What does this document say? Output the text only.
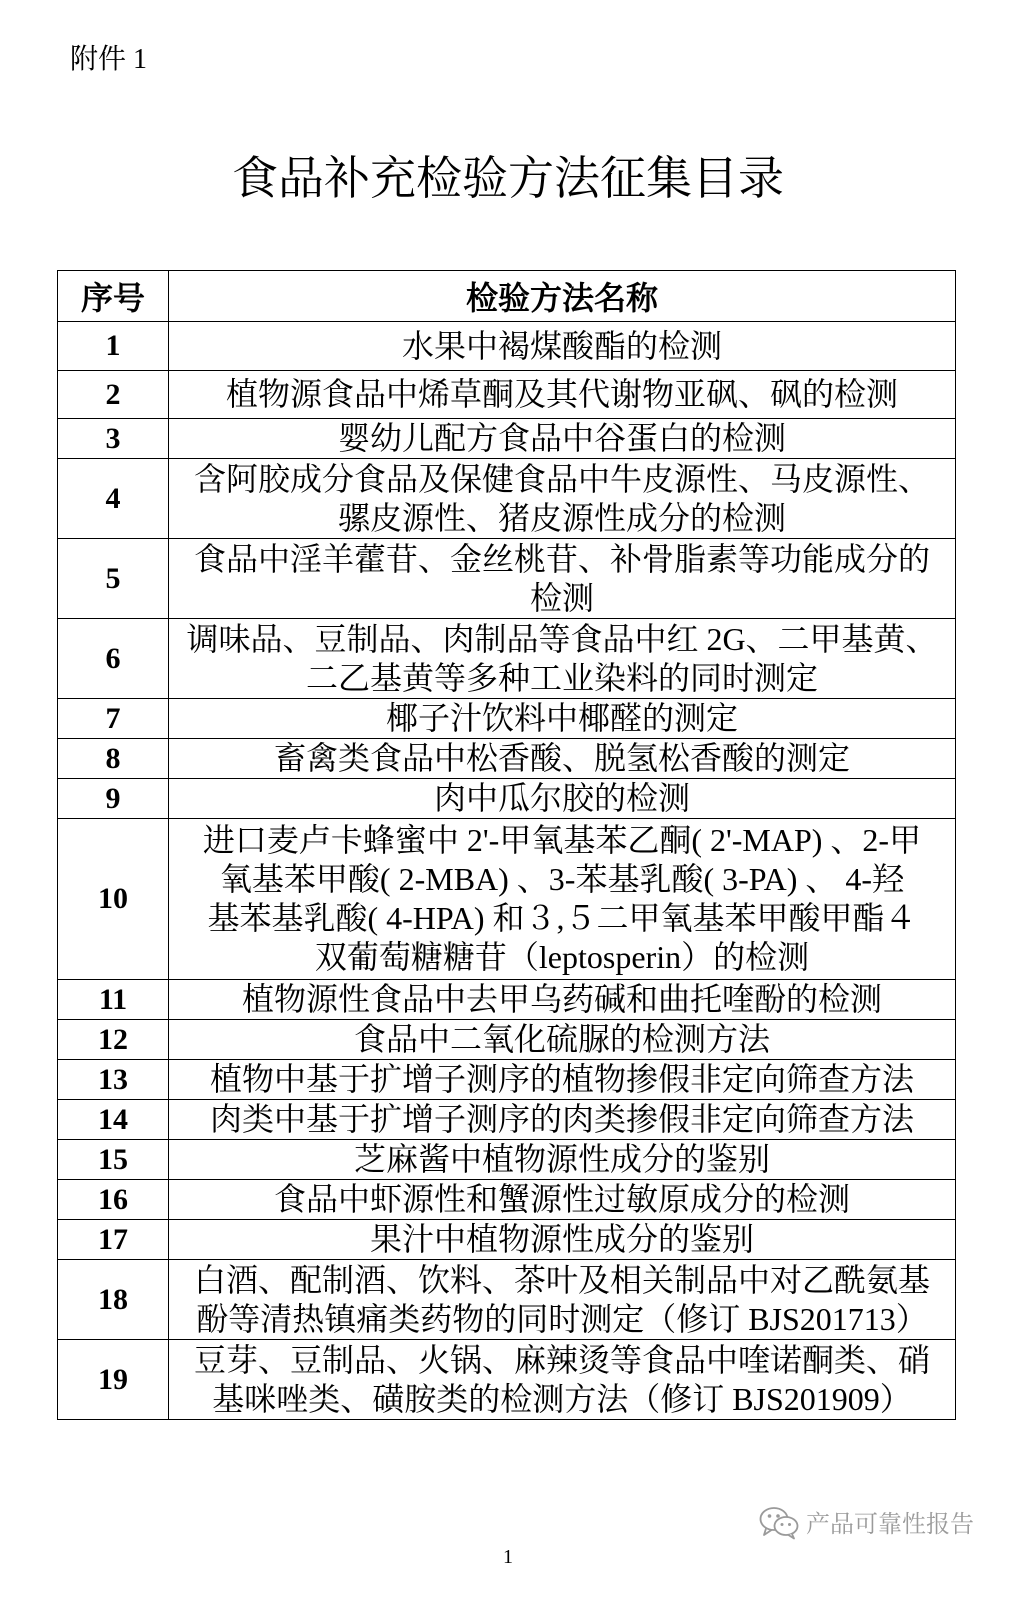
附件 1
食品补充检验方法征集目录
序号	检验方法名称
1	水果中褐煤酸酯的检测

2	植物源食品中烯草酮及其代谢物亚砜、砜的检测

3	婴幼儿配方食品中谷蛋白的检测

4	含阿胶成分食品及保健食品中牛皮源性、马皮源性、
骡皮源性、猪皮源性成分的检测

5	食品中淫羊藿苷、金丝桃苷、补骨脂素等功能成分的
检测

6	调味品、豆制品、肉制品等食品中红 2G、二甲基黄、
二乙基黄等多种工业染料的同时测定

7	椰子汁饮料中椰醛的测定

8	畜禽类食品中松香酸、脱氢松香酸的测定

9	肉中瓜尔胶的检测

10	进口麦卢卡蜂蜜中 2'-甲氧基苯乙酮( 2'-MAP) 、2-甲
氧基苯甲酸( 2-MBA) 、3-苯基乳酸( 3-PA) 、 4-羟
基苯基乳酸( 4-HPA) 和３,５二甲氧基苯甲酸甲酯４
双葡萄糖糖苷（leptosperin）的检测

11	植物源性食品中去甲乌药碱和曲托喹酚的检测

12	食品中二氧化硫脲的检测方法

13	植物中基于扩增子测序的植物掺假非定向筛查方法

14	肉类中基于扩增子测序的肉类掺假非定向筛查方法

15	芝麻酱中植物源性成分的鉴别

16	食品中虾源性和蟹源性过敏原成分的检测

17	果汁中植物源性成分的鉴别

18	白酒、配制酒、饮料、茶叶及相关制品中对乙酰氨基
酚等清热镇痛类药物的同时测定（修订 BJS201713）

19	豆芽、豆制品、火锅、麻辣烫等食品中喹诺酮类、硝
基咪唑类、磺胺类的检测方法（修订 BJS201909）
1
产品可靠性报告
